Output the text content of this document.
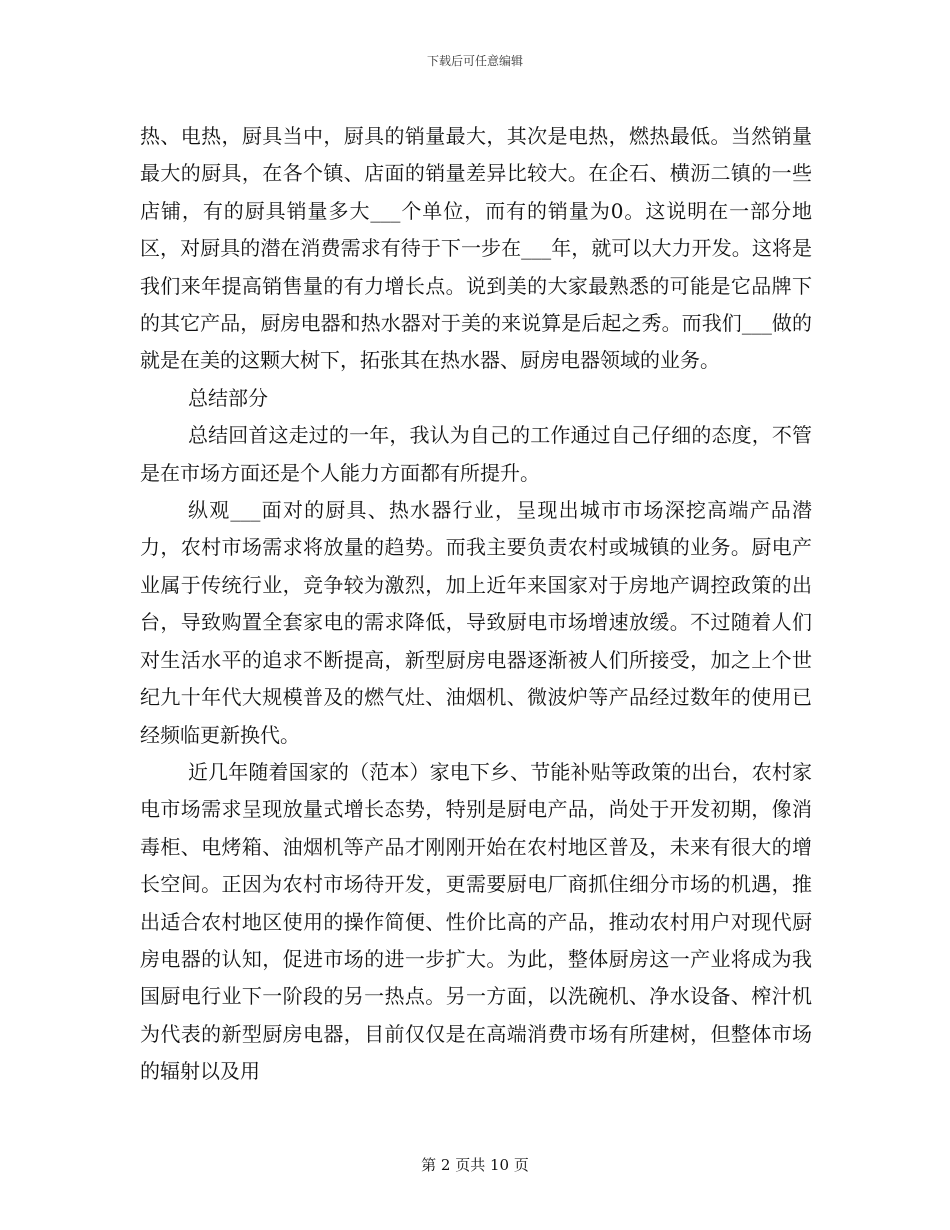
下载后可任意编辑

热、电热，厨具当中，厨具的销量最大，其次是电热，燃热最低。当然销量最大的厨具，在各个镇、店面的销量差异比较大。在企石、横沥二镇的一些店铺，有的厨具销量多大___个单位，而有的销量为0。这说明在一部分地区，对厨具的潜在消费需求有待于下一步在___年，就可以大力开发。这将是我们来年提高销售量的有力增长点。说到美的大家最熟悉的可能是它品牌下的其它产品，厨房电器和热水器对于美的来说算是后起之秀。而我们___做的就是在美的这颗大树下，拓张其在热水器、厨房电器领域的业务。

总结部分

总结回首这走过的一年，我认为自己的工作通过自己仔细的态度，不管是在市场方面还是个人能力方面都有所提升。

纵观___面对的厨具、热水器行业，呈现出城市市场深挖高端产品潜力，农村市场需求将放量的趋势。而我主要负责农村或城镇的业务。厨电产业属于传统行业，竞争较为激烈，加上近年来国家对于房地产调控政策的出台，导致购置全套家电的需求降低，导致厨电市场增速放缓。不过随着人们对生活水平的追求不断提高，新型厨房电器逐渐被人们所接受，加之上个世纪九十年代大规模普及的燃气灶、油烟机、微波炉等产品经过数年的使用已经频临更新换代。

近几年随着国家的（范本）家电下乡、节能补贴等政策的出台，农村家电市场需求呈现放量式增长态势，特别是厨电产品，尚处于开发初期，像消毒柜、电烤箱、油烟机等产品才刚刚开始在农村地区普及，未来有很大的增长空间。正因为农村市场待开发，更需要厨电厂商抓住细分市场的机遇，推出适合农村地区使用的操作简便、性价比高的产品，推动农村用户对现代厨房电器的认知，促进市场的进一步扩大。为此，整体厨房这一产业将成为我国厨电行业下一阶段的另一热点。另一方面，以洗碗机、净水设备、榨汁机为代表的新型厨房电器，目前仅仅是在高端消费市场有所建树，但整体市场的辐射以及用

第 2 页共 10 页
